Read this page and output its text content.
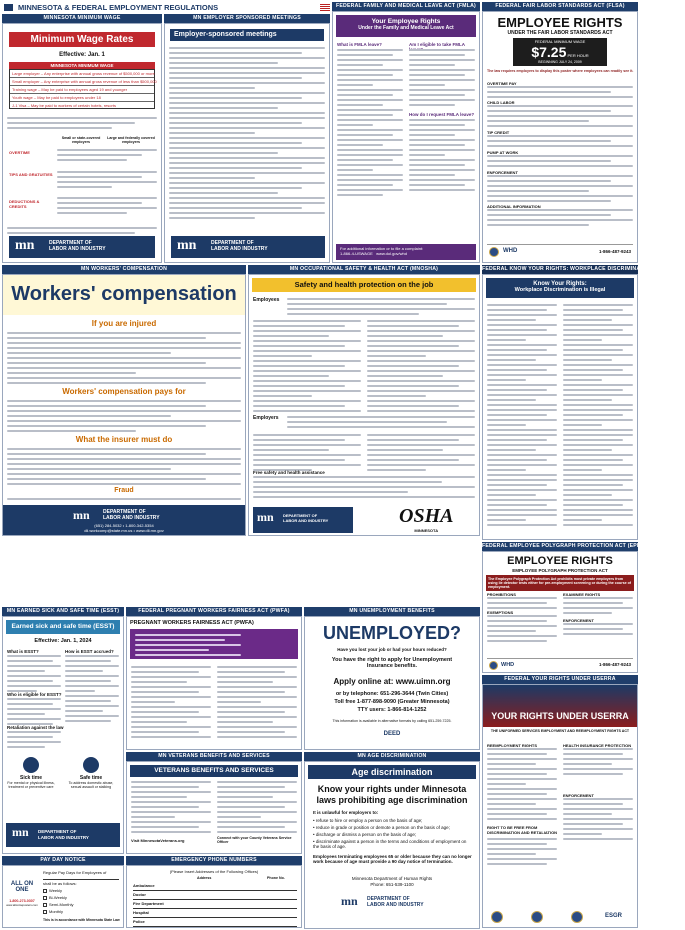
MINNESOTA & FEDERAL EMPLOYMENT REGULATIONS
MINNESOTA MINIMUM WAGE
Minimum Wage Rates
Effective: Jan. 1
MINNESOTA MINIMUM WAGE
Large employer – Any enterprise with annual gross revenue of $500,000 or more
Small employer – Any enterprise with annual gross revenue of less than $500,000
Training wage – May be paid to employees aged 19 and younger
Youth wage – May be paid to employees under 18
J-1 Visa – May be paid to workers of certain hotels, resorts
Small or state-covered employers
Large and federally covered employers
OVERTIME
TIPS AND GRATUITIES
DEDUCTIONS & CREDITS
mn	DEPARTMENT OF
LABOR AND INDUSTRY
MN EMPLOYER SPONSORED MEETINGS
Employer-sponsored meetings
mn	DEPARTMENT OF
LABOR AND INDUSTRY
FEDERAL FAMILY AND MEDICAL LEAVE ACT (FMLA)
Your Employee Rights
Under the Family and Medical Leave Act
What is FMLA leave?	Am I eligible to take FMLA
How do I request FMLA leave?
For additional information or to file a complaint:
1-866-4-USWAGE www.dol.gov/whd
FEDERAL FAIR LABOR STANDARDS ACT (FLSA)
EMPLOYEE RIGHTS
UNDER THE FAIR LABOR STANDARDS ACT
FEDERAL MINIMUM WAGE
$7.25 PER HOUR
BEGINNING JULY 24, 2009
The law requires employers to display this poster where employees can readily see it.
OVERTIME PAY
CHILD LABOR
TIP CREDIT
PUMP AT WORK
ENFORCEMENT
ADDITIONAL INFORMATION
WHD	1-866-487-9243
FEDERAL KNOW YOUR RIGHTS: WORKPLACE DISCRIMINATION IS ILLEGAL
Know Your Rights:
Workplace Discrimination is Illegal
MN WORKERS' COMPENSATION
Workers' compensation
If you are injured
Workers' compensation pays for
What the insurer must do
Fraud
mn	DEPARTMENT OF
LABOR AND INDUSTRY
(651) 284-5032 • 1-800-342-5354
dli.workcomp@state.mn.us • www.dli.mn.gov
MN OCCUPATIONAL SAFETY & HEALTH ACT (MNOSHA)
Safety and health protection on the job
Employees
Employers
Free safety and health assistance
mn DEPARTMENT OF
LABOR AND INDUSTRY	OSHA
MINNESOTA
FEDERAL EMPLOYEE POLYGRAPH PROTECTION ACT (EPPA)
EMPLOYEE RIGHTS
EMPLOYEE POLYGRAPH PROTECTION ACT
The Employee Polygraph Protection Act prohibits most private employers from using lie detector tests either for pre-employment screening or during the course of employment.
PROHIBITIONS
EXEMPTIONS
EXAMINEE RIGHTS
ENFORCEMENT
WHD	1-866-487-9243
MN EARNED SICK AND SAFE TIME (ESST)
Earned sick and safe time (ESST)
Effective: Jan. 1, 2024
What is ESST?
Who is eligible for ESST?
Retaliation against the law
How is ESST accrued?
Sick time
For mental or physical illness, treatment or preventive care
Safe time
To address domestic abuse, sexual assault or stalking
mn DEPARTMENT OF
LABOR AND INDUSTRY
FEDERAL PREGNANT WORKERS FAIRNESS ACT (PWFA)
PREGNANT WORKERS FAIRNESS ACT (PWFA)
MN UNEMPLOYMENT BENEFITS
UNEMPLOYED?
Have you lost your job or had your hours reduced?
You have the right to apply for Unemployment Insurance benefits.
Apply online at: www.uimn.org
or by telephone: 651-296-3644 (Twin Cities)
Toll free 1-877-898-9090 (Greater Minnesota)
TTY users: 1-866-814-1252
This information is available in alternative formats by calling 651-259-7225.
DEED
MN VETERANS BENEFITS AND SERVICES
VETERANS BENEFITS AND SERVICES
Visit MinnesotaVeterans.org	Connect with your County Veterans Service Officer
MN AGE DISCRIMINATION
Age discrimination
Know your rights under Minnesota
laws prohibiting age discrimination
It is unlawful for employers to:
• refuse to hire or employ a person on the basis of age;
• reduce in grade or position or demote a person on the basis of age;
• discharge or dismiss a person on the basis of age;
• discriminate against a person in the terms and conditions of employment on the basis of age.
Employees terminating employees 65 or older because they can no longer work because of age must provide a 90 day notice of termination.
Minnesota Department of Human Rights
Phone: 651-539-1100
mn DEPARTMENT OF
LABOR AND INDUSTRY
FEDERAL YOUR RIGHTS UNDER USERRA
YOUR RIGHTS UNDER USERRA
THE UNIFORMED SERVICES EMPLOYMENT AND REEMPLOYMENT RIGHTS ACT
REEMPLOYMENT RIGHTS
RIGHT TO BE FREE FROM DISCRIMINATION AND RETALIATION
HEALTH INSURANCE PROTECTION
ENFORCEMENT
ESGR
PAY DAY NOTICE
ALL ON ONE
1-800-273-0307
www.allonnieposters.com
Regular Pay Days for Employees of
shall be as follows:
Weekly
Bi-Weekly
Semi-Monthly
Monthly
This is in accordance with Minnesota State Law
EMERGENCY PHONE NUMBERS
(Please Insert Addresses of the Following Offices)
Address	Phone No.
Ambulance
Doctor
Fire Department
Hospital
Police
